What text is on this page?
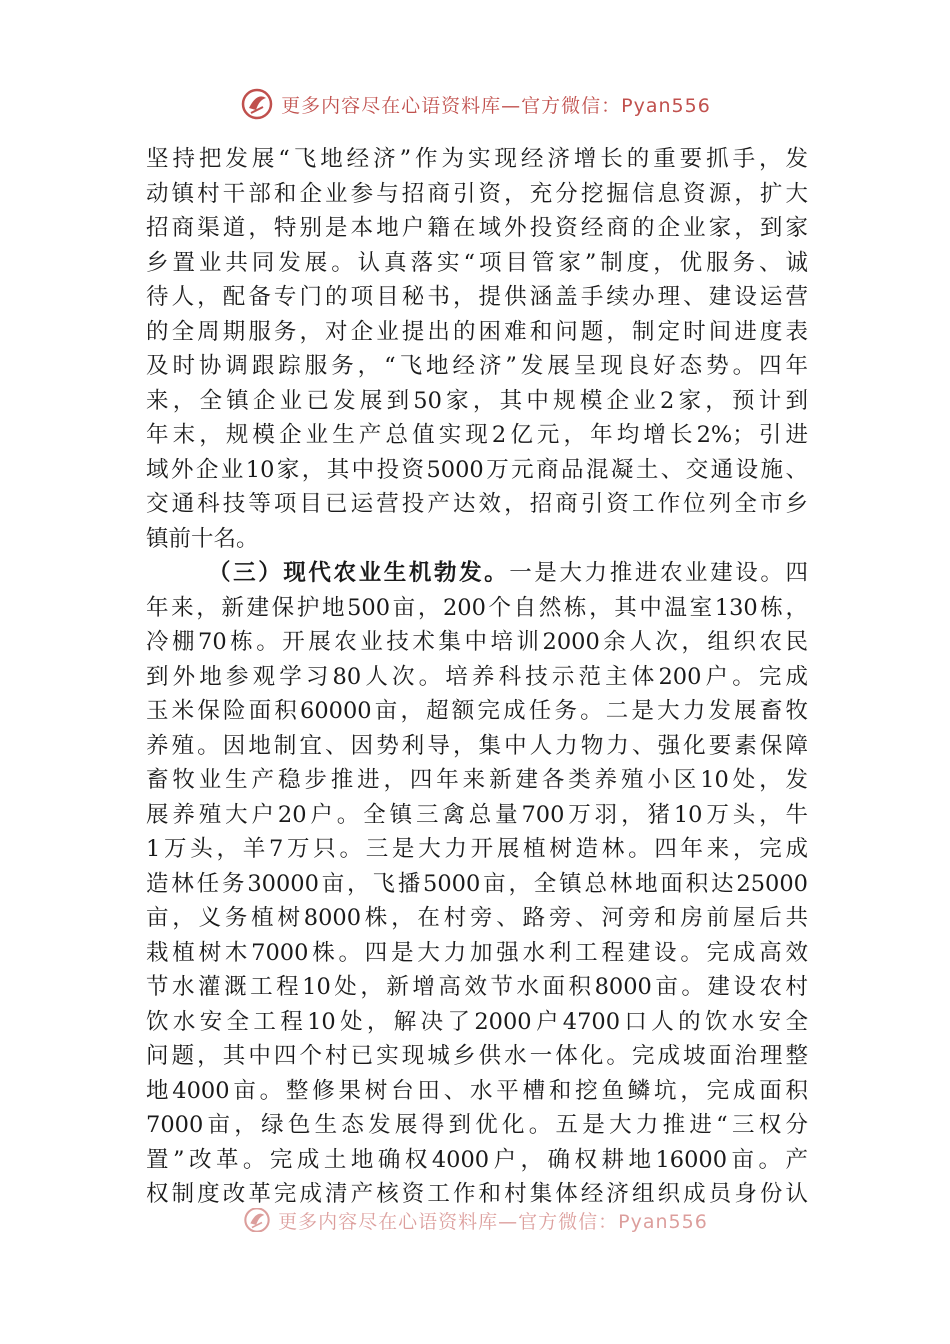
更多内容尽在心语资料库—官方微信：Pyan556
坚持把发展“飞地经济”作为实现经济增长的重要抓手，发
动镇村干部和企业参与招商引资，充分挖掘信息资源，扩大
招商渠道，特别是本地户籍在域外投资经商的企业家，到家
乡置业共同发展。认真落实“项目管家”制度，优服务、诚
待人，配备专门的项目秘书，提供涵盖手续办理、建设运营
的全周期服务，对企业提出的困难和问题，制定时间进度表
及时协调跟踪服务，“飞地经济”发展呈现良好态势。四年
来，全镇企业已发展到50家，其中规模企业2家，预计到
年末，规模企业生产总值实现2亿元，年均增长2%；引进
域外企业10家，其中投资5000万元商品混凝土、交通设施、
交通科技等项目已运营投产达效，招商引资工作位列全市乡
镇前十名。
（三）现代农业生机勃发。一是大力推进农业建设。四
年来，新建保护地500亩，200个自然栋，其中温室130栋，
冷棚70栋。开展农业技术集中培训2000余人次，组织农民
到外地参观学习80人次。培养科技示范主体200户。完成
玉米保险面积60000亩，超额完成任务。二是大力发展畜牧
养殖。因地制宜、因势利导，集中人力物力、强化要素保障
畜牧业生产稳步推进，四年来新建各类养殖小区10处，发
展养殖大户20户。全镇三禽总量700万羽，猪10万头，牛
1万头，羊7万只。三是大力开展植树造林。四年来，完成
造林任务30000亩，飞播5000亩，全镇总林地面积达25000
亩，义务植树8000株，在村旁、路旁、河旁和房前屋后共
栽植树木7000株。四是大力加强水利工程建设。完成高效
节水灌溉工程10处，新增高效节水面积8000亩。建设农村
饮水安全工程10处，解决了2000户4700口人的饮水安全
问题，其中四个村已实现城乡供水一体化。完成坡面治理整
地4000亩。整修果树台田、水平槽和挖鱼鳞坑，完成面积
7000亩，绿色生态发展得到优化。五是大力推进“三权分
置”改革。完成土地确权4000户，确权耕地16000亩。产
权制度改革完成清产核资工作和村集体经济组织成员身份认
更多内容尽在心语资料库—官方微信：Pyan556
